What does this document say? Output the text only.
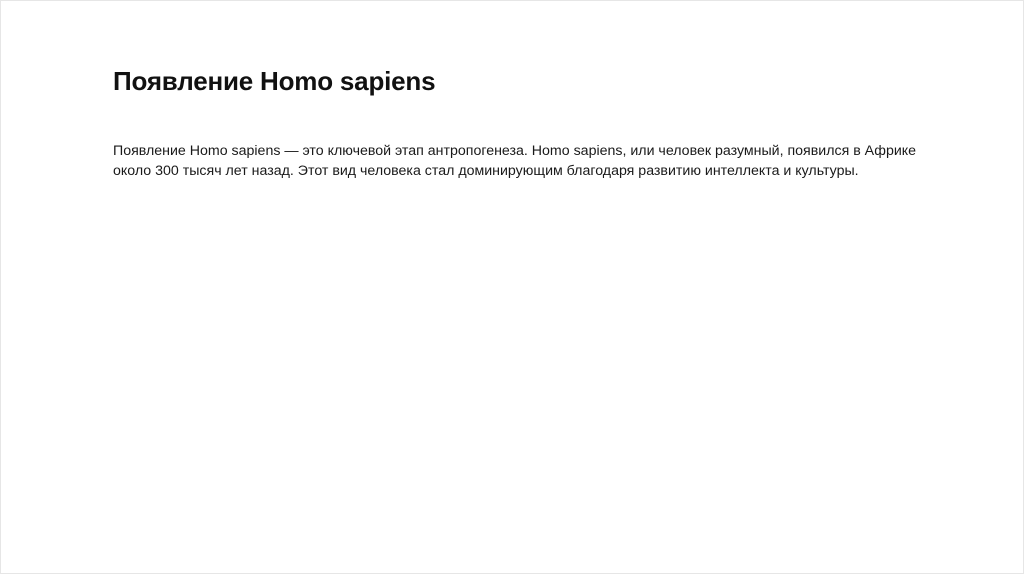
Появление Homo sapiens

Появление Homo sapiens — это ключевой этап антропогенеза. Homo sapiens, или человек разумный, появился в Африке около 300 тысяч лет назад. Этот вид человека стал доминирующим благодаря развитию интеллекта и культуры.
